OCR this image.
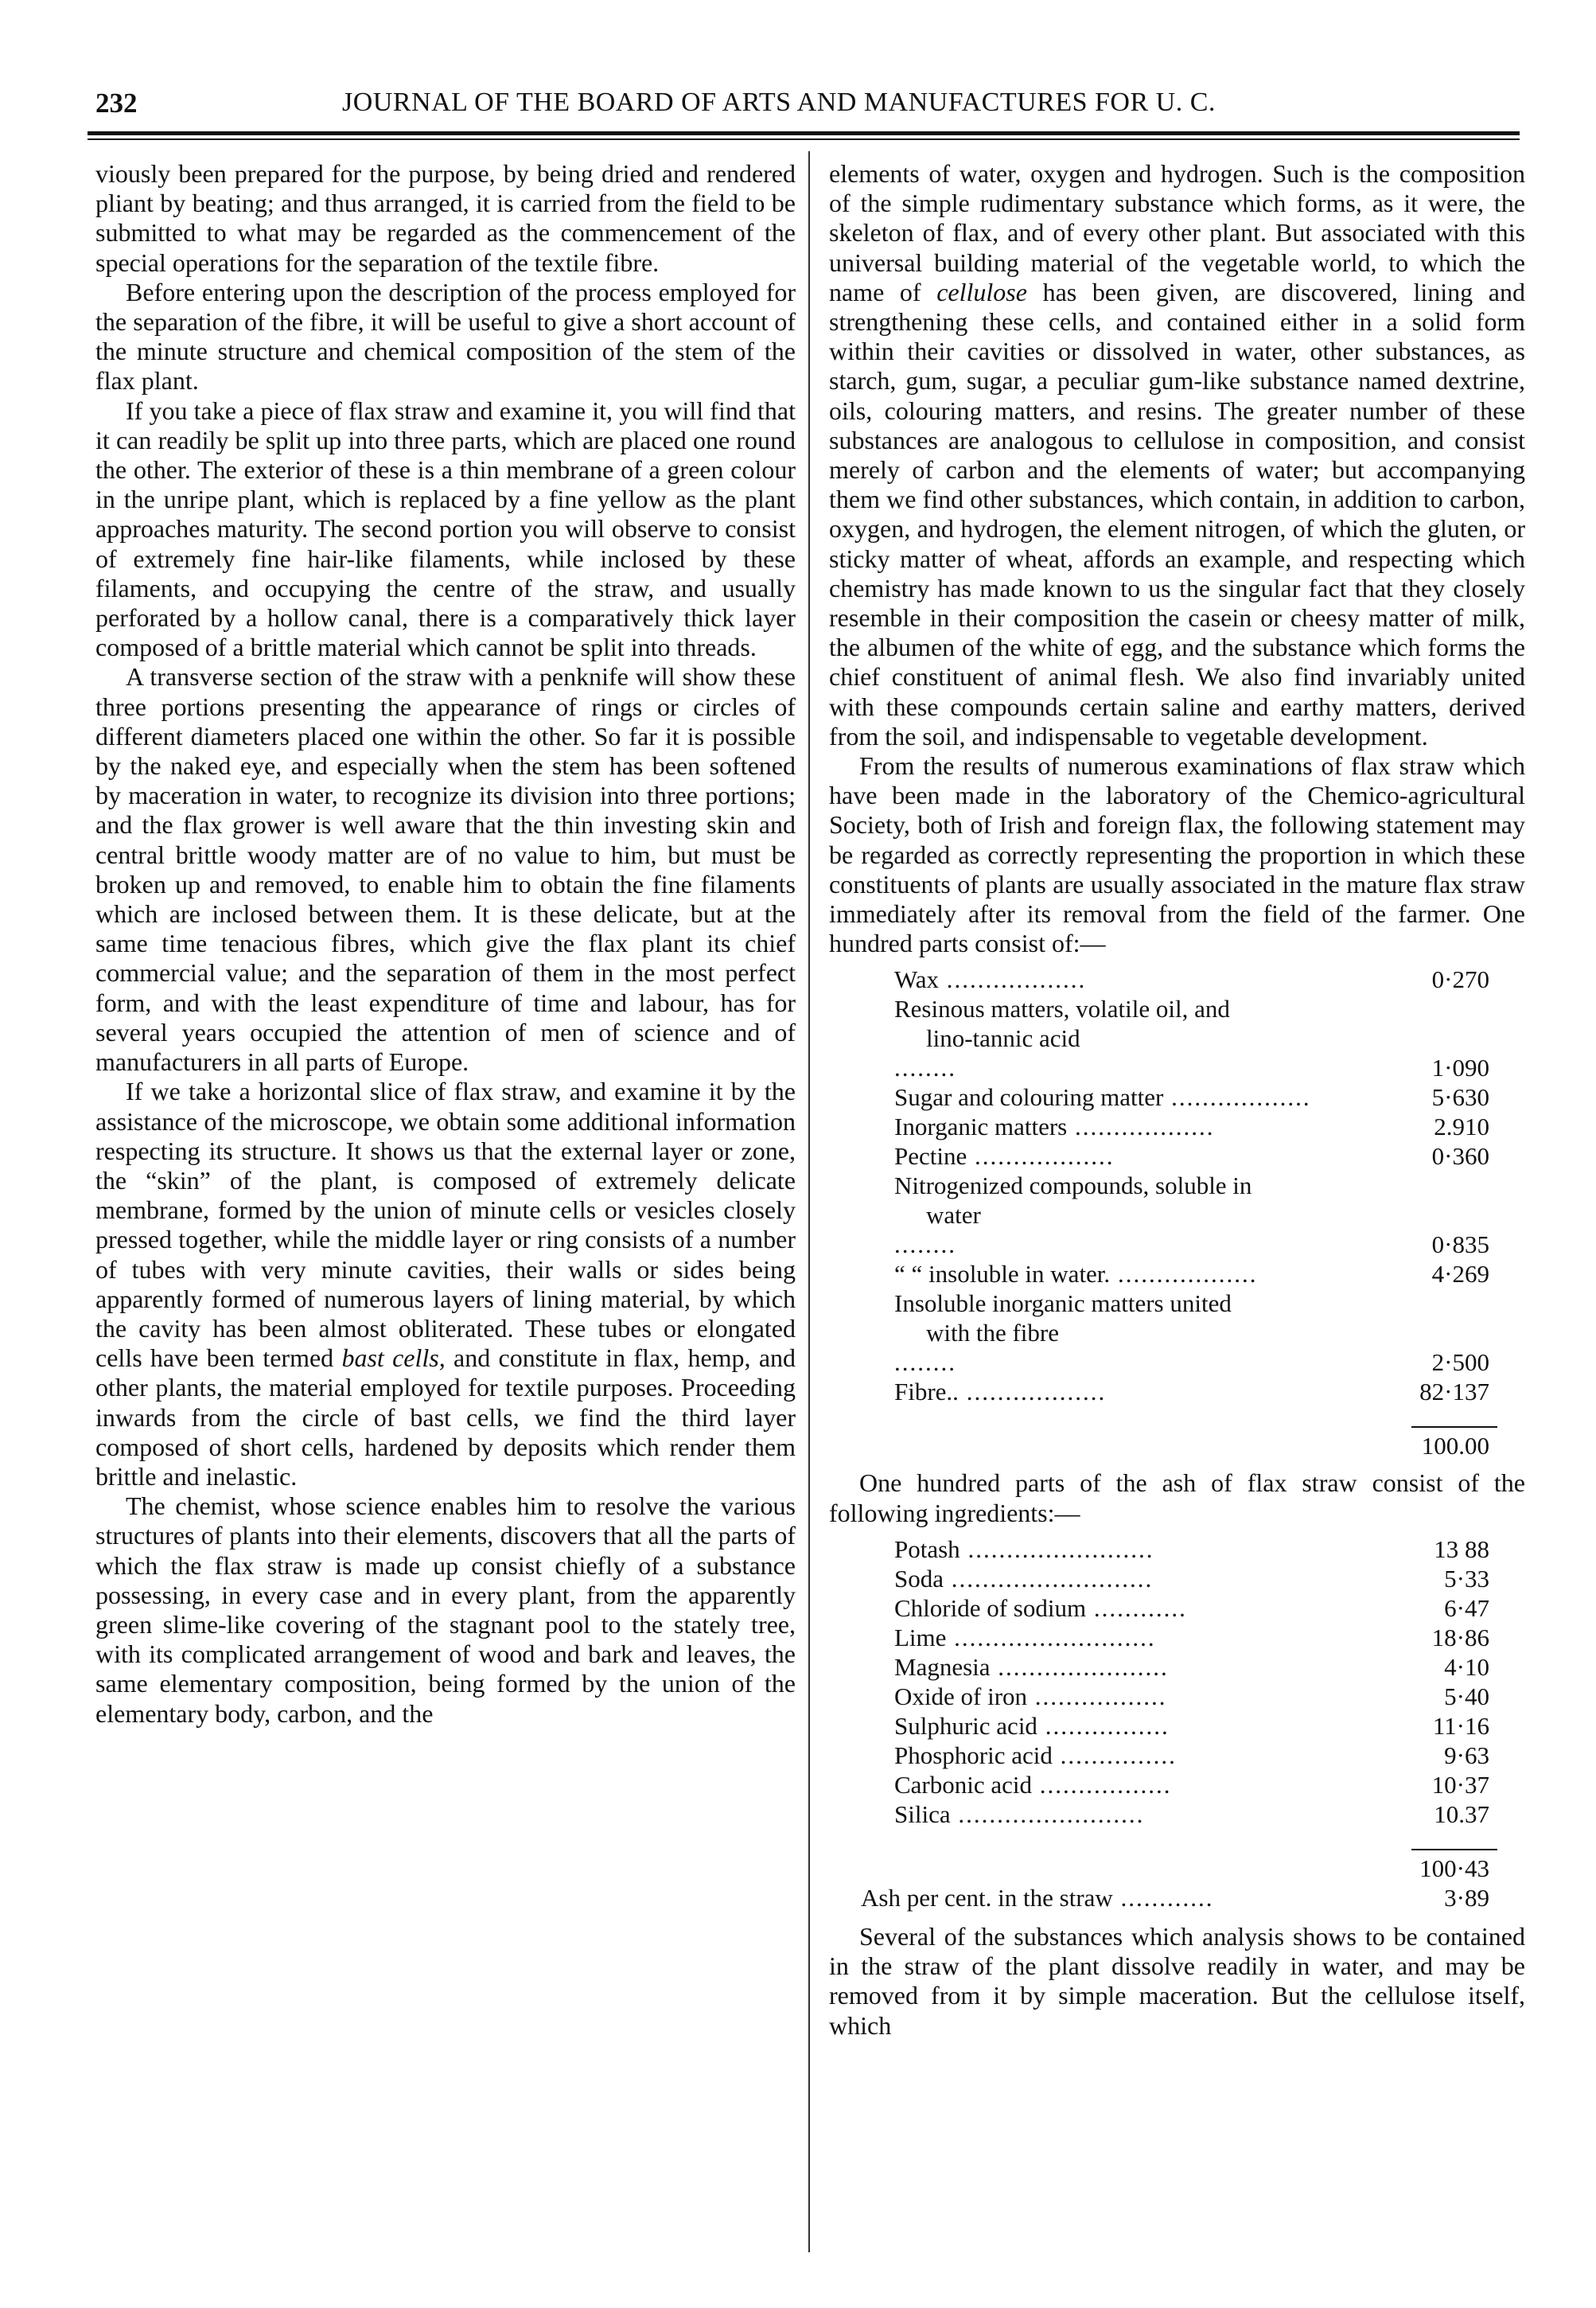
232	JOURNAL OF THE BOARD OF ARTS AND MANUFACTURES FOR U. C.

viously been prepared for the purpose, by being dried and rendered pliant by beating; and thus arranged, it is carried from the field to be submitted to what may be regarded as the commencement of the special operations for the separation of the textile fibre.

Before entering upon the description of the process employed for the separation of the fibre, it will be useful to give a short account of the minute structure and chemical composition of the stem of the flax plant.

If you take a piece of flax straw and examine it, you will find that it can readily be split up into three parts, which are placed one round the other. The exterior of these is a thin membrane of a green colour in the unripe plant, which is replaced by a fine yellow as the plant approaches maturity. The second portion you will observe to consist of extremely fine hair-like filaments, while inclosed by these filaments, and occupying the centre of the straw, and usually perforated by a hollow canal, there is a comparatively thick layer composed of a brittle material which cannot be split into threads.

A transverse section of the straw with a penknife will show these three portions presenting the appearance of rings or circles of different diameters placed one within the other. So far it is possible by the naked eye, and especially when the stem has been softened by maceration in water, to recognize its division into three portions; and the flax grower is well aware that the thin investing skin and central brittle woody matter are of no value to him, but must be broken up and removed, to enable him to obtain the fine filaments which are inclosed between them. It is these delicate, but at the same time tenacious fibres, which give the flax plant its chief commercial value; and the separation of them in the most perfect form, and with the least expenditure of time and labour, has for several years occupied the attention of men of science and of manufacturers in all parts of Europe.

If we take a horizontal slice of flax straw, and examine it by the assistance of the microscope, we obtain some additional information respecting its structure. It shows us that the external layer or zone, the “skin” of the plant, is composed of extremely delicate membrane, formed by the union of minute cells or vesicles closely pressed together, while the middle layer or ring consists of a number of tubes with very minute cavities, their walls or sides being apparently formed of numerous layers of lining material, by which the cavity has been almost obliterated. These tubes or elongated cells have been termed bast cells, and constitute in flax, hemp, and other plants, the material employed for textile purposes. Proceeding inwards from the circle of bast cells, we find the third layer composed of short cells, hardened by deposits which render them brittle and inelastic.

The chemist, whose science enables him to resolve the various structures of plants into their elements, discovers that all the parts of which the flax straw is made up consist chiefly of a substance possessing, in every case and in every plant, from the apparently green slime-like covering of the stagnant pool to the stately tree, with its complicated arrangement of wood and bark and leaves, the same elementary composition, being formed by the union of the elementary body, carbon, and the

elements of water, oxygen and hydrogen. Such is the composition of the simple rudimentary substance which forms, as it were, the skeleton of flax, and of every other plant. But associated with this universal building material of the vegetable world, to which the name of cellulose has been given, are discovered, lining and strengthening these cells, and contained either in a solid form within their cavities or dissolved in water, other substances, as starch, gum, sugar, a peculiar gum-like substance named dextrine, oils, colouring matters, and resins. The greater number of these substances are analogous to cellulose in composition, and consist merely of carbon and the elements of water; but accompanying them we find other substances, which contain, in addition to carbon, oxygen, and hydrogen, the element nitrogen, of which the gluten, or sticky matter of wheat, affords an example, and respecting which chemistry has made known to us the singular fact that they closely resemble in their composition the casein or cheesy matter of milk, the albumen of the white of egg, and the substance which forms the chief constituent of animal flesh. We also find invariably united with these compounds certain saline and earthy matters, derived from the soil, and indispensable to vegetable development.

From the results of numerous examinations of flax straw which have been made in the laboratory of the Chemico-agricultural Society, both of Irish and foreign flax, the following statement may be regarded as correctly representing the proportion in which these constituents of plants are usually associated in the mature flax straw immediately after its removal from the field of the farmer. One hundred parts consist of:—

Wax ..................	0·270
Resinous matters, volatile oil, and
lino-tannic acid
........	1·090
Sugar and colouring matter ..................	5·630
Inorganic matters ..................	2.910
Pectine ..................	0·360
Nitrogenized compounds, soluble in
water
........	0·835
“ “ insoluble in water. ..................	4·269
Insoluble inorganic matters united
with the fibre
........	2·500
Fibre.. ..................	82·137

	100.00

One hundred parts of the ash of flax straw consist of the following ingredients:—

Potash ........................	13 88
Soda ..........................	5·33
Chloride of sodium ............	6·47
Lime ..........................	18·86
Magnesia ......................	4·10
Oxide of iron .................	5·40
Sulphuric acid ................	11·16
Phosphoric acid ...............	9·63
Carbonic acid .................	10·37
Silica ........................	10.37

	100·43
Ash per cent. in the straw ............	3·89

Several of the substances which analysis shows to be contained in the straw of the plant dissolve readily in water, and may be removed from it by simple maceration. But the cellulose itself, which
